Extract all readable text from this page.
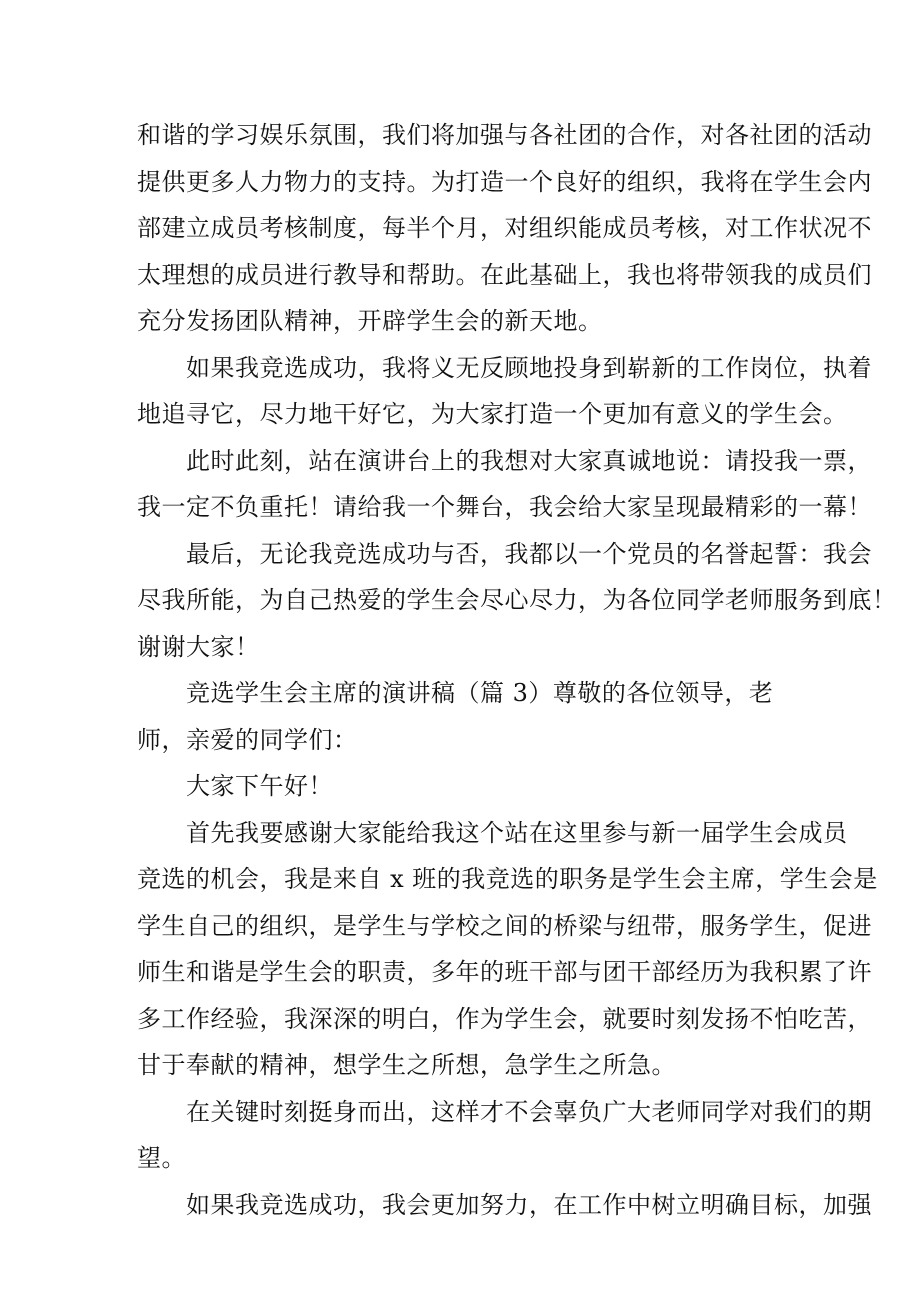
和谐的学习娱乐氛围，我们将加强与各社团的合作，对各社团的活动
提供更多人力物力的支持。为打造一个良好的组织，我将在学生会内
部建立成员考核制度，每半个月，对组织能成员考核，对工作状况不
太理想的成员进行教导和帮助。在此基础上，我也将带领我的成员们
充分发扬团队精神，开辟学生会的新天地。
如果我竞选成功，我将义无反顾地投身到崭新的工作岗位，执着
地追寻它，尽力地干好它，为大家打造一个更加有意义的学生会。
此时此刻，站在演讲台上的我想对大家真诚地说：请投我一票，
我一定不负重托！请给我一个舞台，我会给大家呈现最精彩的一幕！
最后，无论我竞选成功与否，我都以一个党员的名誉起誓：我会
尽我所能，为自己热爱的学生会尽心尽力，为各位同学老师服务到底！
谢谢大家！
竞选学生会主席的演讲稿（篇 3）尊敬的各位领导，老
师，亲爱的同学们：
大家下午好！
首先我要感谢大家能给我这个站在这里参与新一届学生会成员
竞选的机会，我是来自 x 班的我竞选的职务是学生会主席，学生会是
学生自己的组织，是学生与学校之间的桥梁与纽带，服务学生，促进
师生和谐是学生会的职责，多年的班干部与团干部经历为我积累了许
多工作经验，我深深的明白，作为学生会，就要时刻发扬不怕吃苦，
甘于奉献的精神，想学生之所想，急学生之所急。
在关键时刻挺身而出，这样才不会辜负广大老师同学对我们的期
望。
如果我竞选成功，我会更加努力，在工作中树立明确目标，加强
